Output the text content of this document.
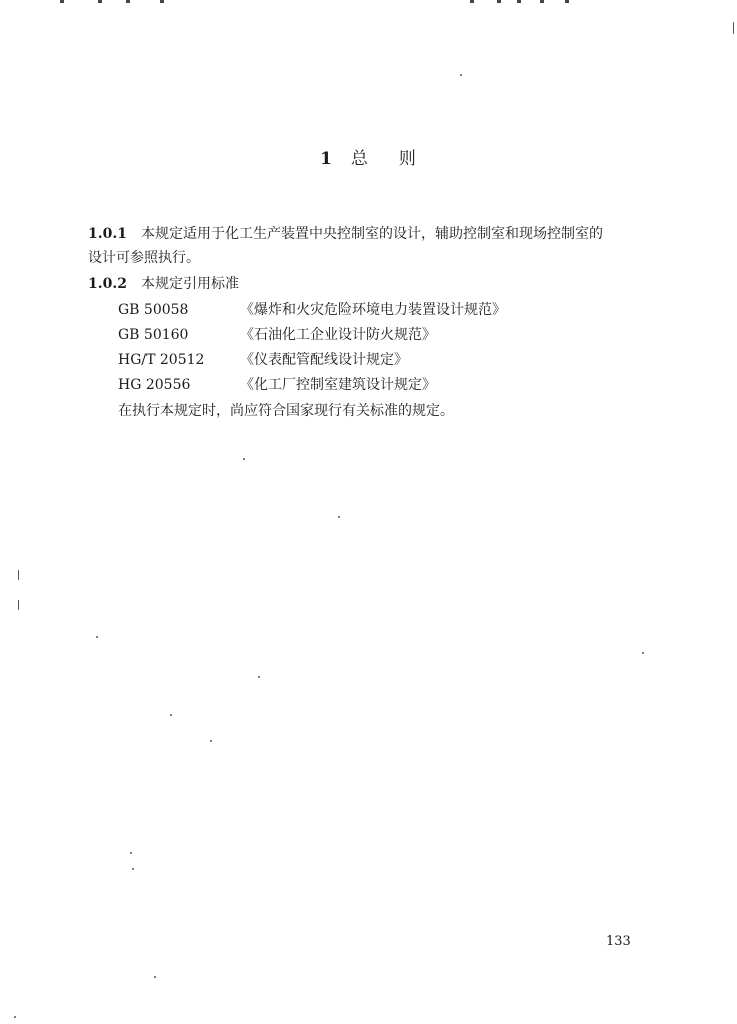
1 总 则
1.0.1 本规定适用于化工生产装置中央控制室的设计，辅助控制室和现场控制室的
设计可参照执行。
1.0.2 本规定引用标准
GB 50058	《爆炸和火灾危险环境电力装置设计规范》
GB 50160	《石油化工企业设计防火规范》
HG/T 20512	《仪表配管配线设计规定》
HG 20556	《化工厂控制室建筑设计规定》
在执行本规定时，尚应符合国家现行有关标准的规定。
133
